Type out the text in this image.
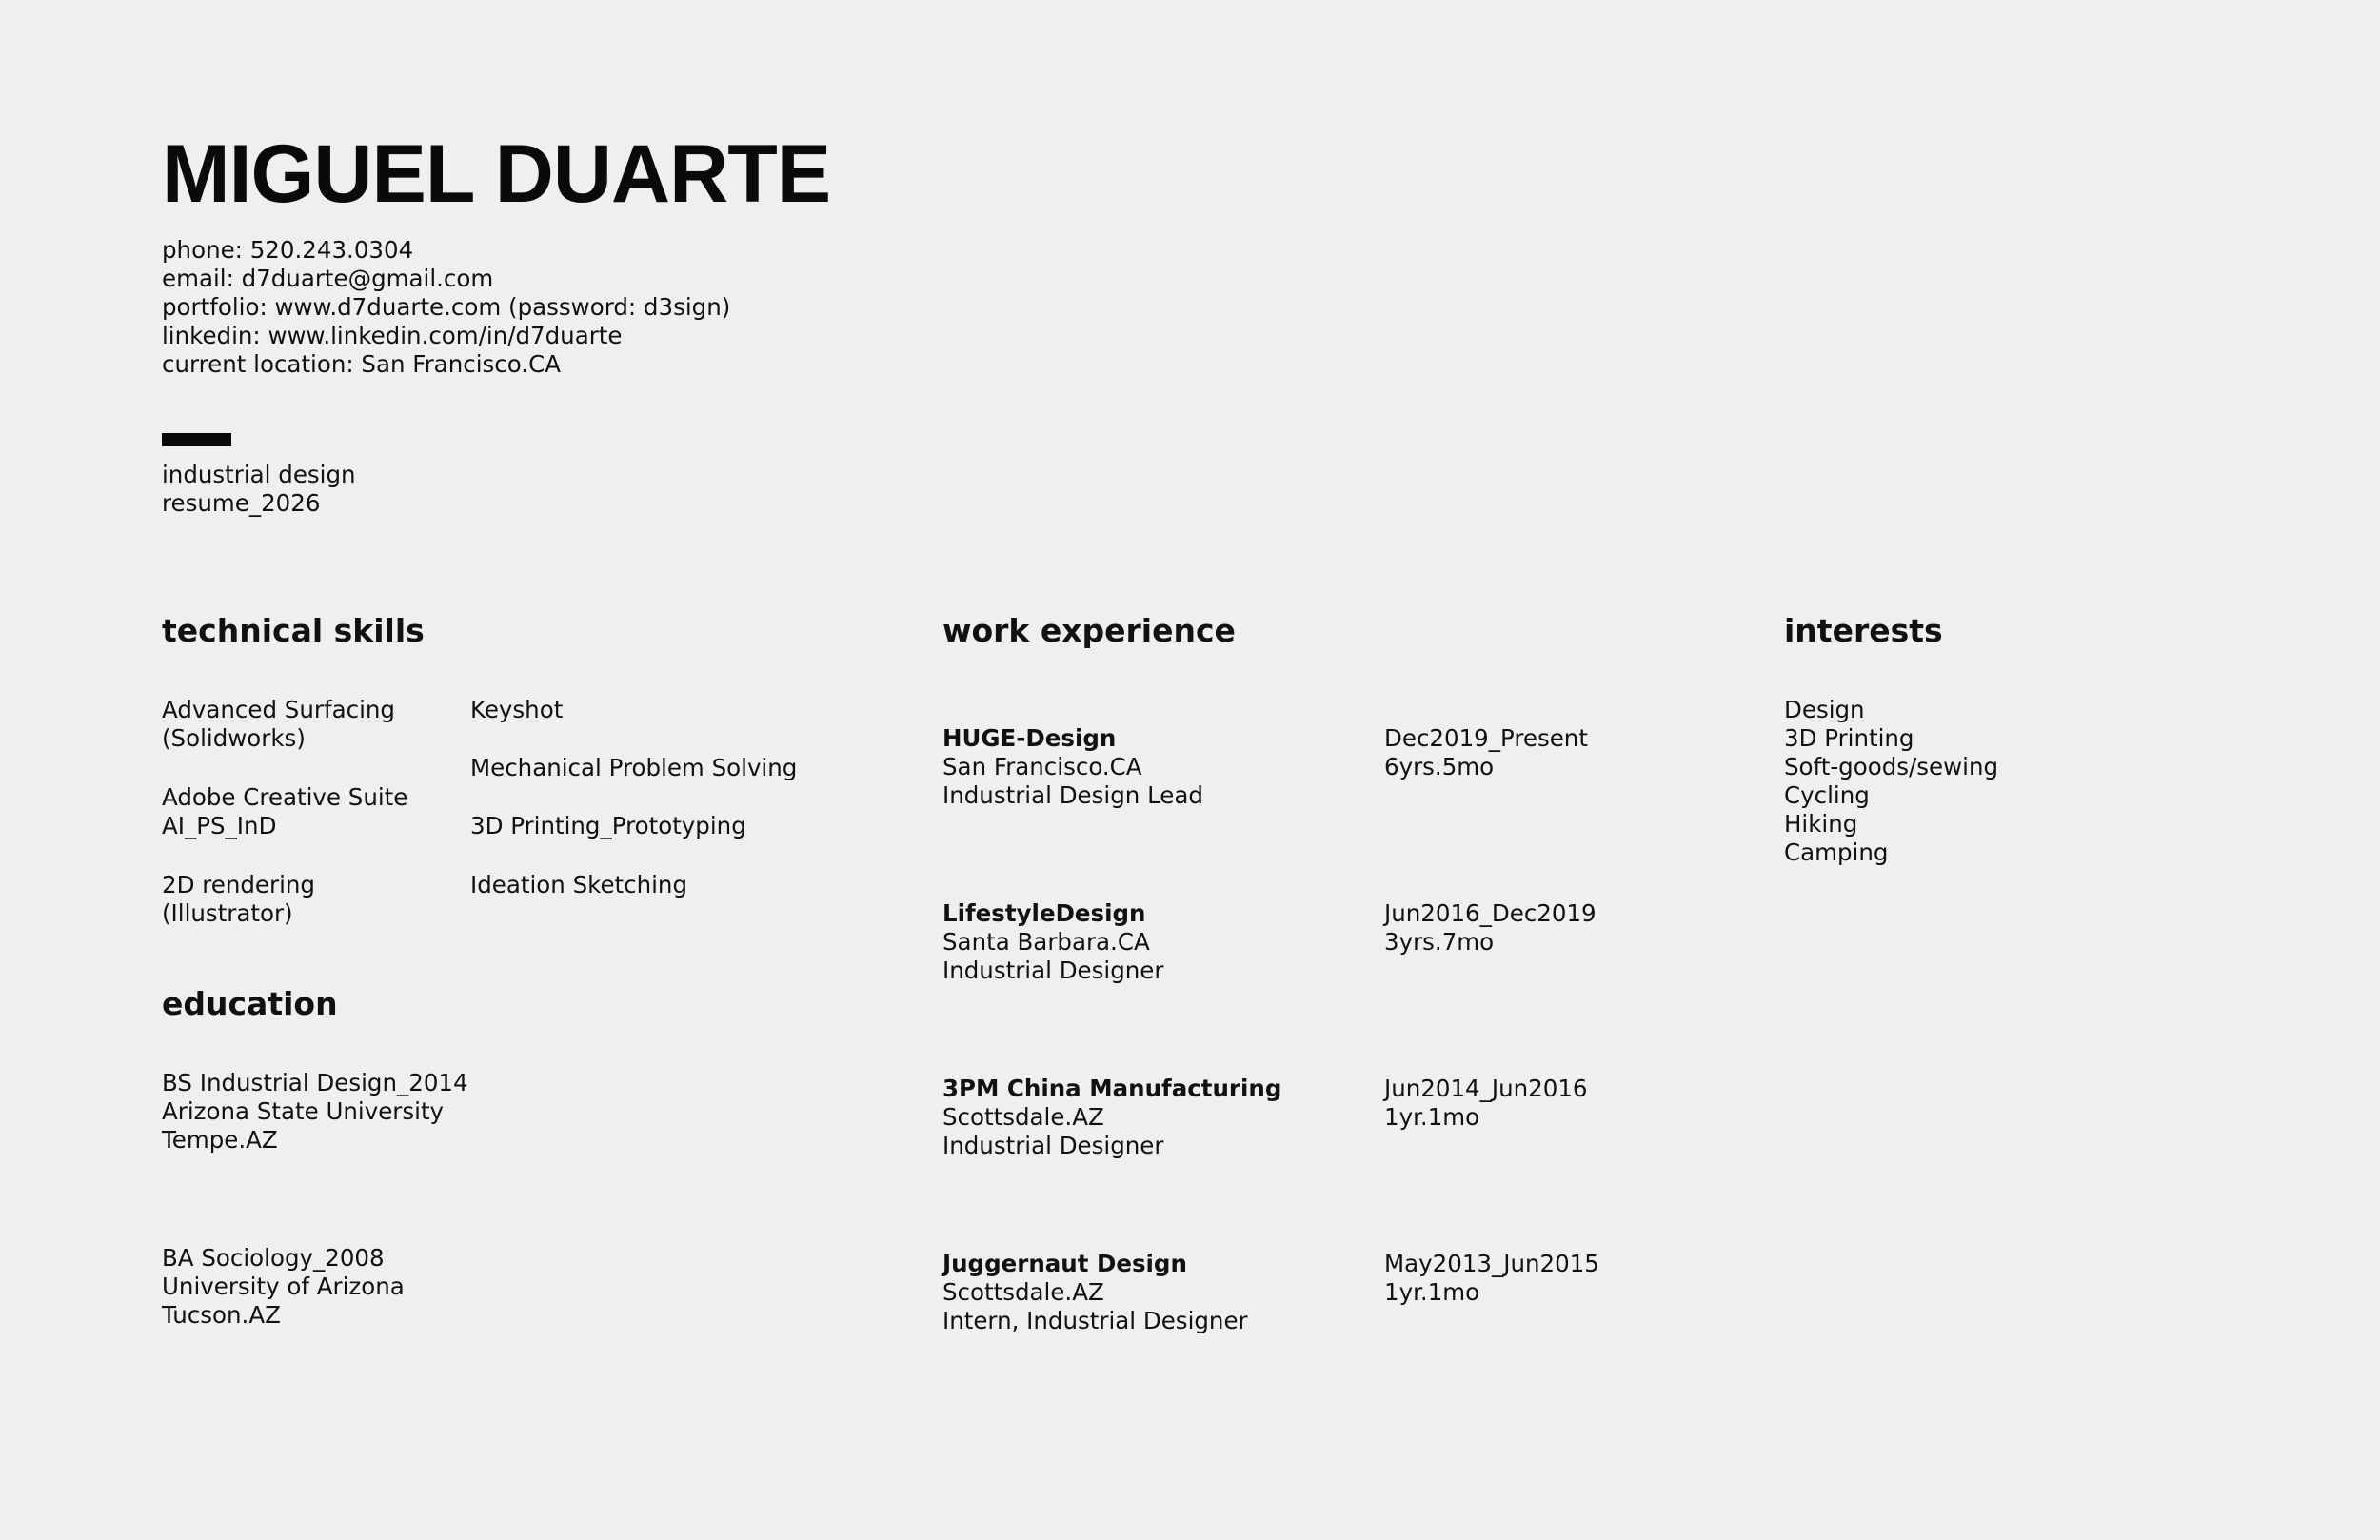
MIGUEL DUARTE
phone: 520.243.0304
email: d7duarte@gmail.com
portfolio: www.d7duarte.com (password: d3sign)
linkedin: www.linkedin.com/in/d7duarte
current location: San Francisco.CA
industrial design
resume_2026
technical skills
Advanced Surfacing
(Solidworks)
Adobe Creative Suite
AI_PS_InD
2D rendering
(Illustrator)
Keyshot
Mechanical Problem Solving
3D Printing_Prototyping
Ideation Sketching
education
BS Industrial Design_2014
Arizona State University
Tempe.AZ
BA Sociology_2008
University of Arizona
Tucson.AZ
work experience
HUGE-Design
San Francisco.CA
Industrial Design Lead
Dec2019_Present
6yrs.5mo
LifestyleDesign
Santa Barbara.CA
Industrial Designer
Jun2016_Dec2019
3yrs.7mo
3PM China Manufacturing
Scottsdale.AZ
Industrial Designer
Jun2014_Jun2016
1yr.1mo
Juggernaut Design
Scottsdale.AZ
Intern, Industrial Designer
May2013_Jun2015
1yr.1mo
interests
Design
3D Printing
Soft-goods/sewing
Cycling
Hiking
Camping
